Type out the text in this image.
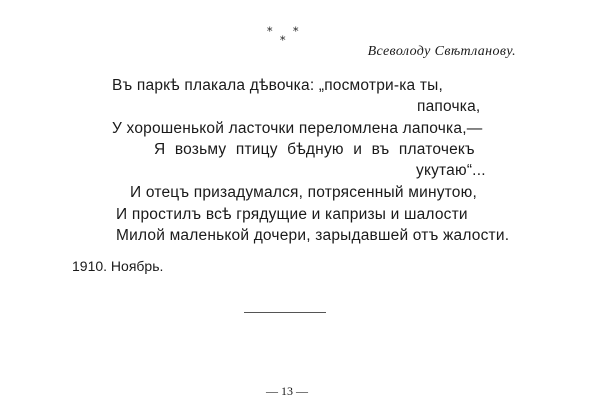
* *
*
Всеволоду Свѣтланову.
Въ паркѣ плакала дѣвочка: „посмотри-ка ты,
папочка,
У хорошенькой ласточки переломлена лапочка,—
Я возьму птицу бѣдную и въ платочекъ
укутаю“...
И отецъ призадумался, потрясенный минутою,
И простилъ всѣ грядущие и капризы и шалости
Милой маленькой дочери, зарыдавшей отъ жалости.
1910. Ноябрь.
— 13 —
